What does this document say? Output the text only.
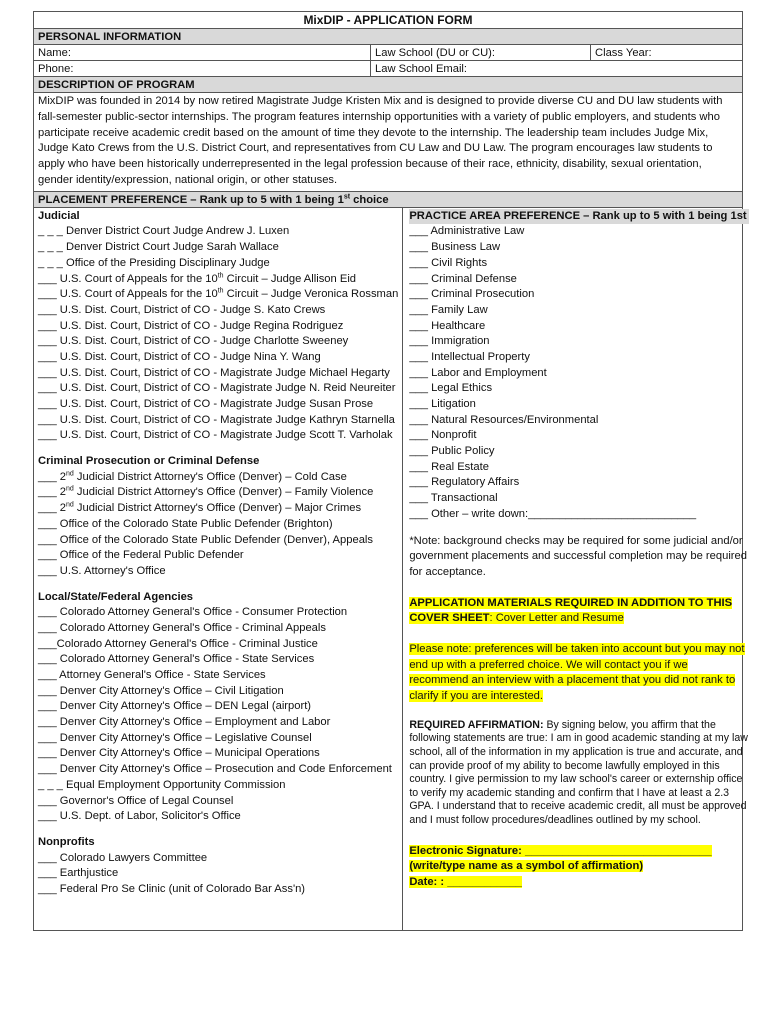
MixDIP - APPLICATION FORM
PERSONAL INFORMATION
Name:	Law School (DU or CU):	Class Year:
Phone:	Law School Email:
DESCRIPTION OF PROGRAM
MixDIP was founded in 2014 by now retired Magistrate Judge Kristen Mix and is designed to provide diverse CU and DU law students with fall-semester public-sector internships. The program features internship opportunities with a variety of public employers, and students who participate receive academic credit based on the amount of time they devote to the internship. The leadership team includes Judge Mix, Judge Kato Crews from the U.S. District Court, and representatives from CU Law and DU Law. The program encourages law students to apply who have been historically underrepresented in the legal profession because of their race, ethnicity, disability, sexual orientation, gender identity/expression, national origin, or other statuses.
PLACEMENT PREFERENCE – Rank up to 5 with 1 being 1st choice
Judicial
_ _ _ Denver District Court Judge Andrew J. Luxen
_ _ _ Denver District Court Judge Sarah Wallace
_ _ _ Office of the Presiding Disciplinary Judge
___ U.S. Court of Appeals for the 10th Circuit – Judge Allison Eid
___ U.S. Court of Appeals for the 10th Circuit – Judge Veronica Rossman
___ U.S. Dist. Court, District of CO - Judge S. Kato Crews
___ U.S. Dist. Court, District of CO - Judge Regina Rodriguez
___ U.S. Dist. Court, District of CO - Judge Charlotte Sweeney
___ U.S. Dist. Court, District of CO - Judge Nina Y. Wang
___ U.S. Dist. Court, District of CO - Magistrate Judge Michael Hegarty
___ U.S. Dist. Court, District of CO - Magistrate Judge N. Reid Neureiter
___ U.S. Dist. Court, District of CO - Magistrate Judge Susan Prose
___ U.S. Dist. Court, District of CO - Magistrate Judge Kathryn Starnella
___ U.S. Dist. Court, District of CO - Magistrate Judge Scott T. Varholak
Criminal Prosecution or Criminal Defense
___ 2nd Judicial District Attorney's Office (Denver) – Cold Case
___ 2nd Judicial District Attorney's Office (Denver) – Family Violence
___ 2nd Judicial District Attorney's Office (Denver) – Major Crimes
___ Office of the Colorado State Public Defender (Brighton)
___ Office of the Colorado State Public Defender (Denver), Appeals
___ Office of the Federal Public Defender
___ U.S. Attorney's Office
Local/State/Federal Agencies
___ Colorado Attorney General's Office - Consumer Protection
___ Colorado Attorney General's Office - Criminal Appeals
___Colorado Attorney General's Office - Criminal Justice
___ Colorado Attorney General's Office - State Services
___ Attorney General's Office - State Services
___ Denver City Attorney's Office – Civil Litigation
___ Denver City Attorney's Office – DEN Legal (airport)
___ Denver City Attorney's Office – Employment and Labor
___ Denver City Attorney's Office – Legislative Counsel
___ Denver City Attorney's Office – Municipal Operations
___ Denver City Attorney's Office – Prosecution and Code Enforcement
_ _ _ Equal Employment Opportunity Commission
___ Governor's Office of Legal Counsel
___ U.S. Dept. of Labor, Solicitor's Office
Nonprofits
___ Colorado Lawyers Committee
___ Earthjustice
___ Federal Pro Se Clinic (unit of Colorado Bar Ass'n)
PRACTICE AREA PREFERENCE – Rank up to 5 with 1 being 1st
___ Administrative Law
___ Business Law
___ Civil Rights
___ Criminal Defense
___ Criminal Prosecution
___ Family Law
___ Healthcare
___ Immigration
___ Intellectual Property
___ Labor and Employment
___ Legal Ethics
___ Litigation
___ Natural Resources/Environmental
___ Nonprofit
___ Public Policy
___ Real Estate
___ Regulatory Affairs
___ Transactional
___ Other – write down:___________________________
*Note: background checks may be required for some judicial and/or government placements and successful completion may be required for acceptance.
APPLICATION MATERIALS REQUIRED IN ADDITION TO THIS COVER SHEET: Cover Letter and Resume
Please note: preferences will be taken into account but you may not end up with a preferred choice. We will contact you if we recommend an interview with a placement that you did not rank to clarify if you are interested.
REQUIRED AFFIRMATION: By signing below, you affirm that the following statements are true: I am in good academic standing at my law school, all of the information in my application is true and accurate, and can provide proof of my ability to become lawfully employed in this country. I give permission to my law school's career or externship office to verify my academic standing and confirm that I have at least a 2.3 GPA. I understand that to receive academic credit, all must be approved and I must follow procedures/deadlines outlined by my school.
Electronic Signature: ______________________________
(write/type name as a symbol of affirmation)
Date: : ____________
